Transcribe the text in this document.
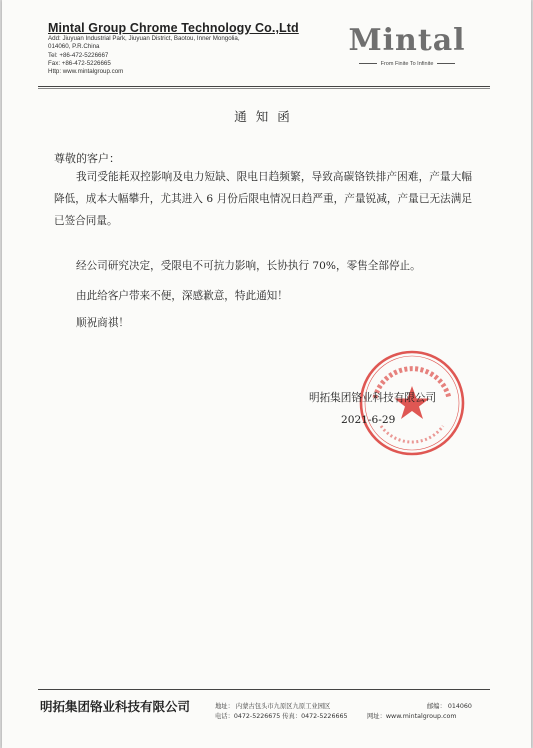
Mintal Group Chrome Technology Co.,Ltd
Add: Jiuyuan Industrial Park, Jiuyuan District, Baotou, Inner Mongolia,
014060, P.R.China
Tel: +86-472-5226667
Fax: +86-472-5226665
Http: www.mintalgroup.com
Mintal
From Finite To Infinite
通知函
尊敬的客户：
我司受能耗双控影响及电力短缺、限电日趋频繁，导致高碳铬铁排产困难，产量大幅降低，成本大幅攀升，尤其进入 6 月份后限电情况日趋严重，产量锐减，产量已无法满足已签合同量。
经公司研究决定，受限电不可抗力影响，长协执行 70%，零售全部停止。
由此给客户带来不便，深感歉意，特此通知！
顺祝商祺！
明拓集团铬业科技有限公司
2021-6-29
明拓集团铬业科技有限公司	地址： 内蒙古包头市九原区九原工业园区
电话：0472-5226675 传真：0472-5226665
邮编： 014060
网址：www.mintalgroup.com
